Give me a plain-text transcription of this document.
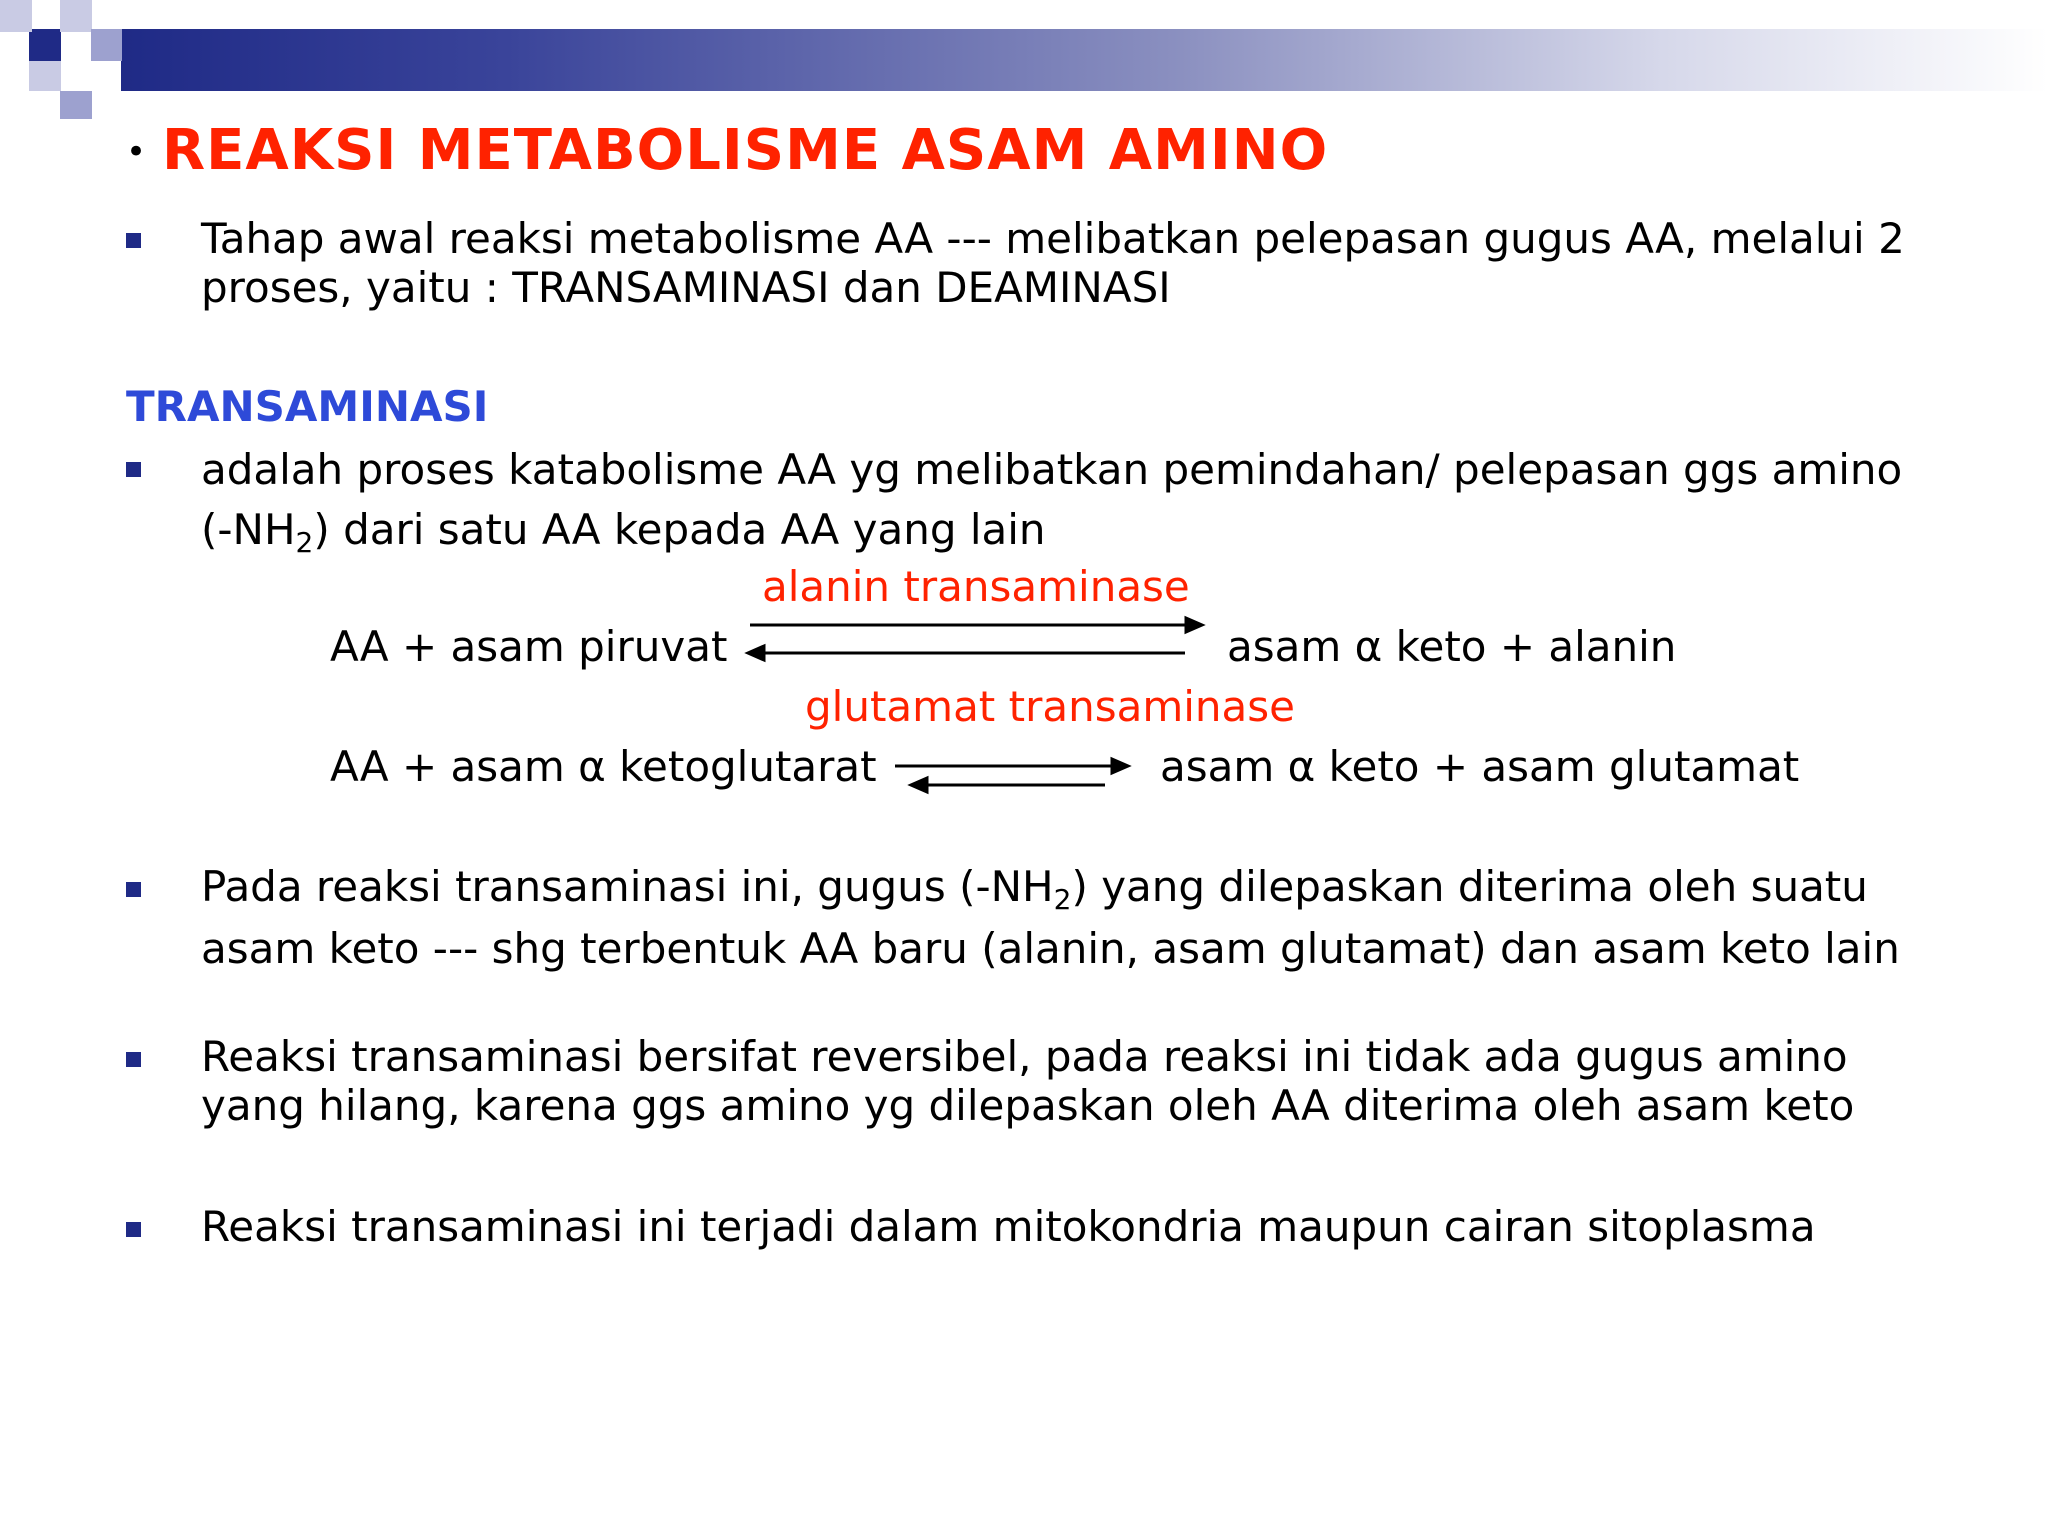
• REAKSI METABOLISME ASAM AMINO
Tahap awal reaksi metabolisme AA --- melibatkan pelepasan gugus AA, melalui 2
proses, yaitu : TRANSAMINASI dan DEAMINASI
TRANSAMINASI
adalah proses katabolisme AA yg melibatkan pemindahan/ pelepasan ggs amino
$(-NH_2)$ dari satu AA kepada AA yang lain
alanin transaminase
AA + asam piruvat	asam α keto + alanin
glutamat transaminase
AA + asam α ketoglutarat	asam α keto + asam glutamat
Pada reaksi transaminasi ini, gugus $(-NH_2)$ yang dilepaskan diterima oleh suatu
asam keto --- shg terbentuk AA baru (alanin, asam glutamat) dan asam keto lain
Reaksi transaminasi bersifat reversibel, pada reaksi ini tidak ada gugus amino
yang hilang, karena ggs amino yg dilepaskan oleh AA diterima oleh asam keto
Reaksi transaminasi ini terjadi dalam mitokondria maupun cairan sitoplasma
